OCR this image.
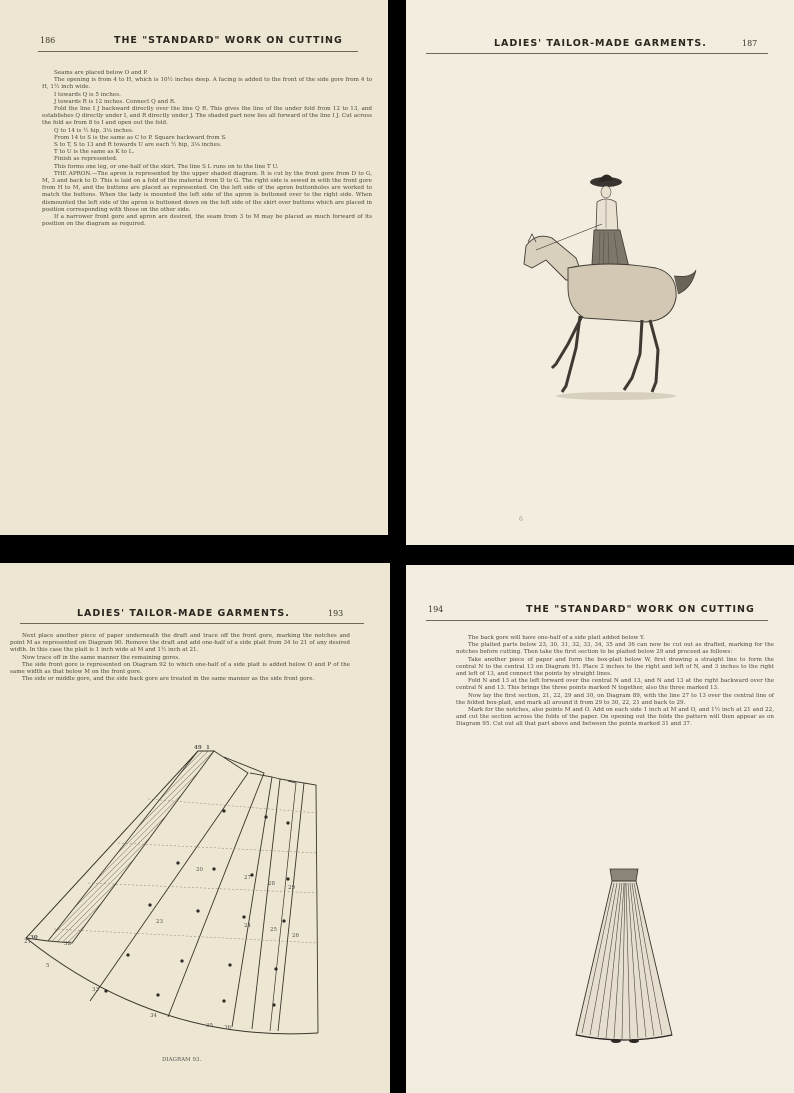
186	THE "STANDARD" WORK ON CUTTING

Seams are placed below O and P.

The opening is from 4 to H, which is 10½ inches deep. A facing is added to the front of the side gore from 4 to H, 1½ inch wide.

I towards Q is 5 inches.

J towards R is 12 inches. Connect Q and R.

Fold the line I J backward directly over the line Q R. This gives the line of the under fold from 12 to 13, and establishes Q directly under I, and R directly under J. The shaded part now lies all forward of the line I J. Cut across the fold as from 8 to I and open out the fold.

Q to 14 is ½ hip, 3⅛ inches.

From 14 to S is the same as C to P. Square backward from S.

S to T, S to 13 and R towards U are each ½ hip, 3⅛ inches.

T to U is the same as K to L.

Finish as represented.

This forms one leg, or one-half of the skirt. The line S L runs on to the line T U.

THE APRON.—The apron is represented by the upper shaded diagram. It is cut by the front gore from D to G, M, 3 and back to D. This is laid on a fold of the material from D to G. The right side is sewed in with the front gore from H to M, and the buttons are placed as represented. On the left side of the apron buttonholes are worked to match the buttons. When the lady is mounted the left side of the apron is buttoned over to the right side. When dismounted the left side of the apron is buttoned down on the left side of the skirt over buttons which are placed in position corresponding with those on the other side.

If a narrower front gore and apron are desired, the seam from 3 to M may be placed as much forward of its position on the diagram as required.

LADIES' TAILOR-MADE GARMENTS.	187
6
LADIES' TAILOR-MADE GARMENTS.	193

Next place another piece of paper underneath the draft and trace off the front gore, marking the notches and point M as represented on Diagram 90. Remove the draft and add one-half of a side plait from 34 to 21 of any desired width. In this case the plait is 1 inch wide at M and 1½ inch at 21.

Now trace off in the same manner the remaining gores.

The side front gore is represented on Diagram 92 to which one-half of a side plait is added below O and P of the same width as that below M on the front gore.

The side or middle gore, and the side back gore are treated in the same manner as the side front gore.

49 1
30
21	32
33
34
35 36
5
20
27
28
29
23
24
25
26
DIAGRAM 93.
194	THE "STANDARD" WORK ON CUTTING

The back gore will have one-half of a side plait added below Y.

The plaited parts below 23, 30, 31, 32, 33, 34, 35 and 36 can now be cut out as drafted, marking for the notches before cutting. Then take the first section to be plaited below 29 and proceed as follows:

Take another piece of paper and form the box-plait below W, first drawing a straight line to form the central N to the central 13 on Diagram 91. Place 2 inches to the right and left of N, and 3 inches to the right and left of 13, and connect the points by straight lines.

Fold N and 13 at the left forward over the central N and 13, and N and 13 at the right backward over the central N and 13. This brings the three points marked N together, also the three marked 13.

Now lay the first section, 21, 22, 29 and 30, on Diagram 89, with the line 27 to 13 over the central line of the folded box-plait, and mark all around it from 29 to 30, 22, 21 and back to 29.

Mark for the notches, also points M and O. Add on each side 1 inch at M and O, and 1½ inch at 21 and 22, and cut the section across the folds of the paper. On opening out the folds the pattern will then appear as on Diagram 95. Cut out all that part above and between the points marked 31 and 37.
